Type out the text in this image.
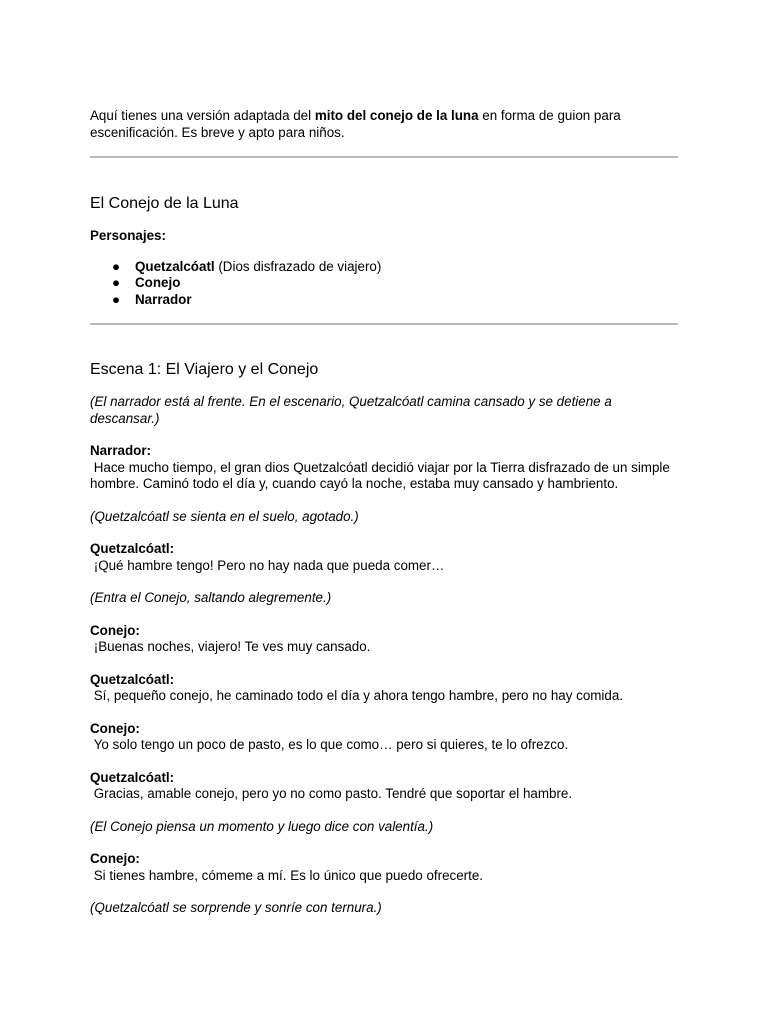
Aquí tienes una versión adaptada del mito del conejo de la luna en forma de guion para escenificación. Es breve y apto para niños.

El Conejo de la Luna

Personajes:

● Quetzalcóatl (Dios disfrazado de viajero)
● Conejo
● Narrador
Escena 1: El Viajero y el Conejo
(El narrador está al frente. En el escenario, Quetzalcóatl camina cansado y se detiene a descansar.)
Narrador:
Hace mucho tiempo, el gran dios Quetzalcóatl decidió viajar por la Tierra disfrazado de un simple hombre. Caminó todo el día y, cuando cayó la noche, estaba muy cansado y hambriento.
(Quetzalcóatl se sienta en el suelo, agotado.)
Quetzalcóatl:
¡Qué hambre tengo! Pero no hay nada que pueda comer…
(Entra el Conejo, saltando alegremente.)
Conejo:
¡Buenas noches, viajero! Te ves muy cansado.
Quetzalcóatl:
Sí, pequeño conejo, he caminado todo el día y ahora tengo hambre, pero no hay comida.
Conejo:
Yo solo tengo un poco de pasto, es lo que como… pero si quieres, te lo ofrezco.
Quetzalcóatl:
Gracias, amable conejo, pero yo no como pasto. Tendré que soportar el hambre.
(El Conejo piensa un momento y luego dice con valentía.)
Conejo:
Si tienes hambre, cómeme a mí. Es lo único que puedo ofrecerte.
(Quetzalcóatl se sorprende y sonríe con ternura.)
